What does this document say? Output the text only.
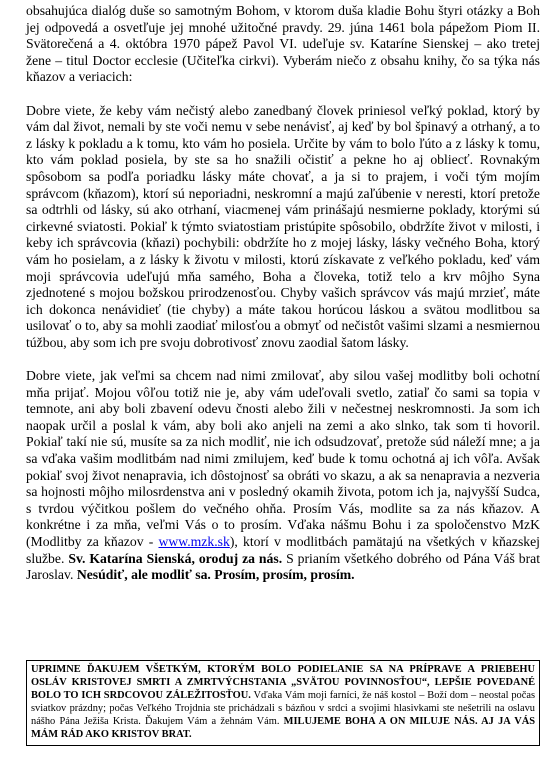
obsahujúca dialóg duše so samotným Bohom, v ktorom duša kladie Bohu štyri otázky a Boh jej odpovedá a osvetľuje jej mnohé užitočné pravdy. 29. júna 1461 bola pápežom Piom II. Svätorečená a 4. októbra 1970 pápež Pavol VI. udeľuje sv. Kataríne Sienskej – ako tretej žene – titul Doctor ecclesie (Učiteľka cirkvi). Vyberám niečo z obsahu knihy, čo sa týka nás kňazov a veriacich:

Dobre viete, že keby vám nečistý alebo zanedbaný človek priniesol veľký poklad, ktorý by vám dal život, nemali by ste voči nemu v sebe nenávisť, aj keď by bol špinavý a otrhaný, a to z lásky k pokladu a k tomu, kto vám ho posiela. Určite by vám to bolo ľúto a z lásky k tomu, kto vám poklad posiela, by ste sa ho snažili očistiť a pekne ho aj obliecť. Rovnakým spôsobom sa podľa poriadku lásky máte chovať, a ja si to prajem, i voči tým mojím správcom (kňazom), ktorí sú neporiadni, neskromní a majú zaľúbenie v neresti, ktorí pretože sa odtrhli od lásky, sú ako otrhaní, viacmenej vám prinášajú nesmierne poklady, ktorými sú cirkevné sviatosti. Pokiaľ k týmto sviatostiam pristúpite spôsobilo, obdržíte život v milosti, i keby ich správcovia (kňazi) pochybili: obdržíte ho z mojej lásky, lásky večného Boha, ktorý vám ho posielam, a z lásky k životu v milosti, ktorú získavate z veľkého pokladu, keď vám moji správcovia udeľujú mňa samého, Boha a človeka, totiž telo a krv môjho Syna zjednotené s mojou božskou prirodzenosťou. Chyby vašich správcov vás majú mrzieť, máte ich dokonca nenávidieť (tie chyby) a máte takou horúcou láskou a svätou modlitbou sa usilovať o to, aby sa mohli zaodiať milosťou a obmyť od nečistôt vašimi slzami a nesmiernou túžbou, aby som ich pre svoju dobrotivosť znovu zaodial šatom lásky.

Dobre viete, jak veľmi sa chcem nad nimi zmilovať, aby silou vašej modlitby boli ochotní mňa prijať. Mojou vôľou totiž nie je, aby vám udeľovali svetlo, zatiaľ čo sami sa topia v temnote, ani aby boli zbavení odevu čnosti alebo žili v nečestnej neskromnosti. Ja som ich naopak určil a poslal k vám, aby boli ako anjeli na zemi a ako slnko, tak som ti hovoril. Pokiaľ takí nie sú, musíte sa za nich modliť, nie ich odsudzovať, pretože súd náleží mne; a ja sa vďaka vašim modlitbám nad nimi zmilujem, keď bude k tomu ochotná aj ich vôľa. Avšak pokiaľ svoj život nenapravia, ich dôstojnosť sa obráti vo skazu, a ak sa nenapravia a nezveria sa hojnosti môjho milosrdenstva ani v posledný okamih života, potom ich ja, najvyšší Sudca, s tvrdou výčitkou pošlem do večného ohňa. Prosím Vás, modlite sa za nás kňazov. A konkrétne i za mňa, veľmi Vás o to prosím. Vďaka nášmu Bohu i za spoločenstvo MzK (Modlitby za kňazov - www.mzk.sk), ktorí v modlitbách pamätajú na všetkých v kňazskej službe. Sv. Katarína Sienská, oroduj za nás. S prianím všetkého dobrého od Pána Váš brat Jaroslav. Nesúdiť, ale modliť sa. Prosím, prosím, prosím.

UPRIMNE ĎAKUJEM VŠETKÝM, KTORÝM BOLO PODIELANIE SA NA PRÍPRAVE A PRIEBEHU OSLÁV KRISTOVEJ SMRTI A ZMRTVÝCHSTANIA „SVÄTOU POVINNOSŤOU“, LEPŠIE POVEDANÉ BOLO TO ICH SRDCOVOU ZÁLEŽITOSŤOU. Vďaka Vám moji farníci, že náš kostol – Boží dom – neostal počas sviatkov prázdny; počas Veľkého Trojdnia ste prichádzali s bázňou v srdci a svojimi hlasivkami ste nešetrili na oslavu nášho Pána Ježiša Krista. Ďakujem Vám a žehnám Vám. MILUJEME BOHA A ON MILUJE NÁS. AJ JA VÁS MÁM RÁD AKO KRISTOV BRAT.
